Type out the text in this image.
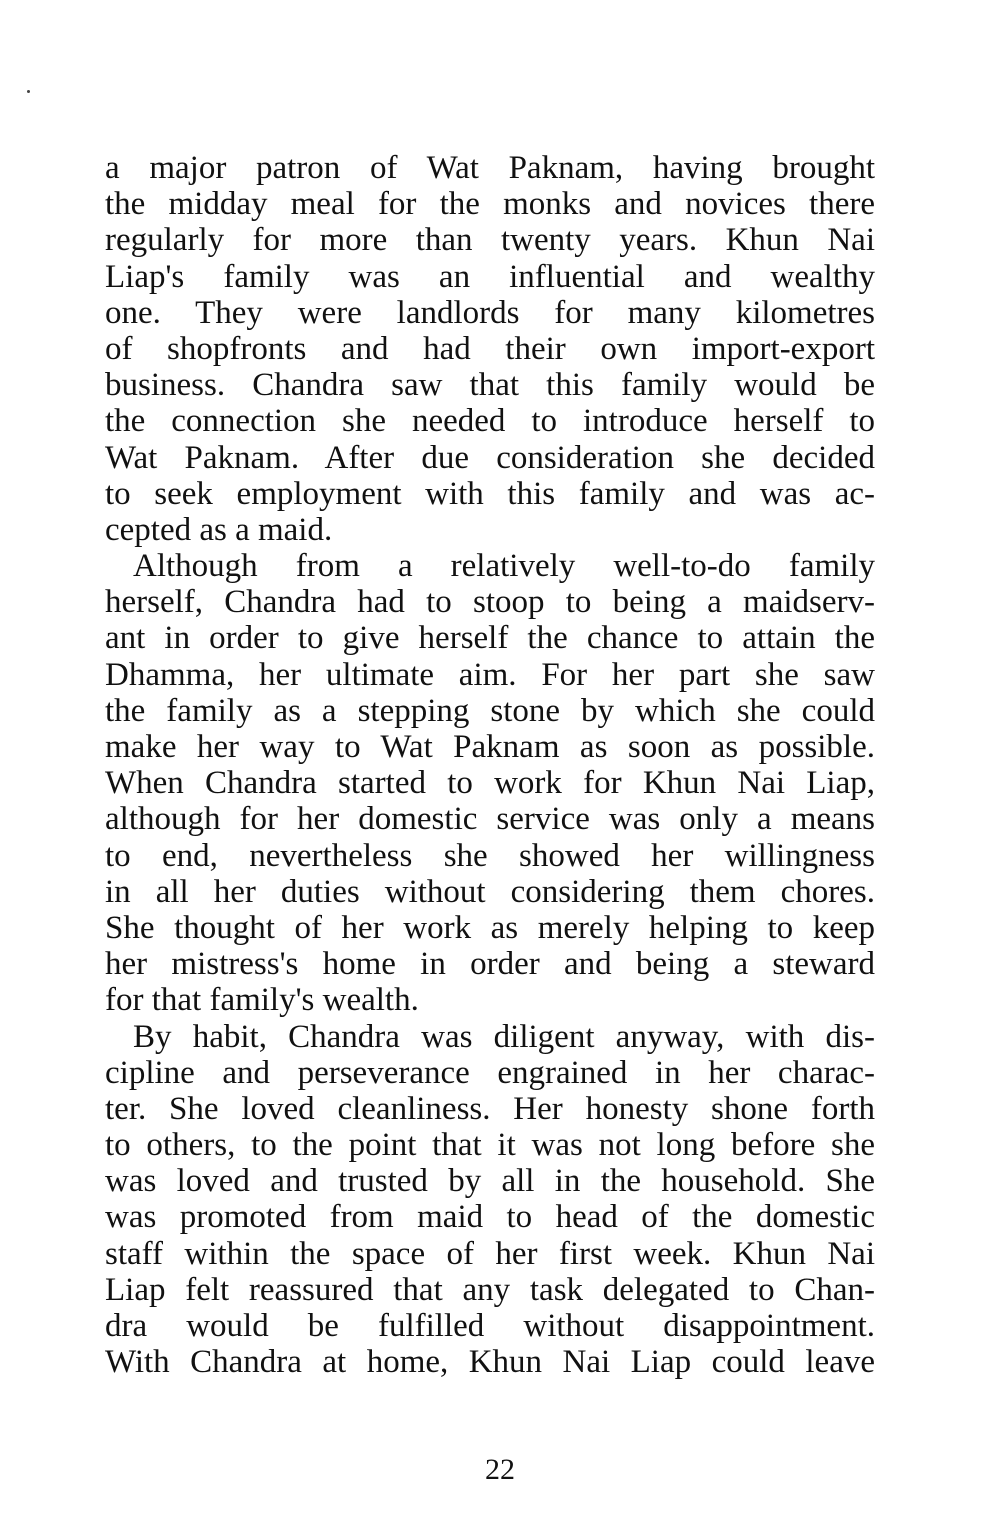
a major patron of Wat Paknam, having brought
the midday meal for the monks and novices there
regularly for more than twenty years. Khun Nai
Liap's family was an influential and wealthy
one. They were landlords for many kilometres
of shopfronts and had their own import-export
business. Chandra saw that this family would be
the connection she needed to introduce herself to
Wat Paknam. After due consideration she decided
to seek employment with this family and was ac-
cepted as a maid.
Although from a relatively well-to-do family
herself, Chandra had to stoop to being a maidserv-
ant in order to give herself the chance to attain the
Dhamma, her ultimate aim. For her part she saw
the family as a stepping stone by which she could
make her way to Wat Paknam as soon as possible.
When Chandra started to work for Khun Nai Liap,
although for her domestic service was only a means
to end, nevertheless she showed her willingness
in all her duties without considering them chores.
She thought of her work as merely helping to keep
her mistress's home in order and being a steward
for that family's wealth.
By habit, Chandra was diligent anyway, with dis-
cipline and perseverance engrained in her charac-
ter. She loved cleanliness. Her honesty shone forth
to others, to the point that it was not long before she
was loved and trusted by all in the household. She
was promoted from maid to head of the domestic
staff within the space of her first week. Khun Nai
Liap felt reassured that any task delegated to Chan-
dra would be fulfilled without disappointment.
With Chandra at home, Khun Nai Liap could leave
22
